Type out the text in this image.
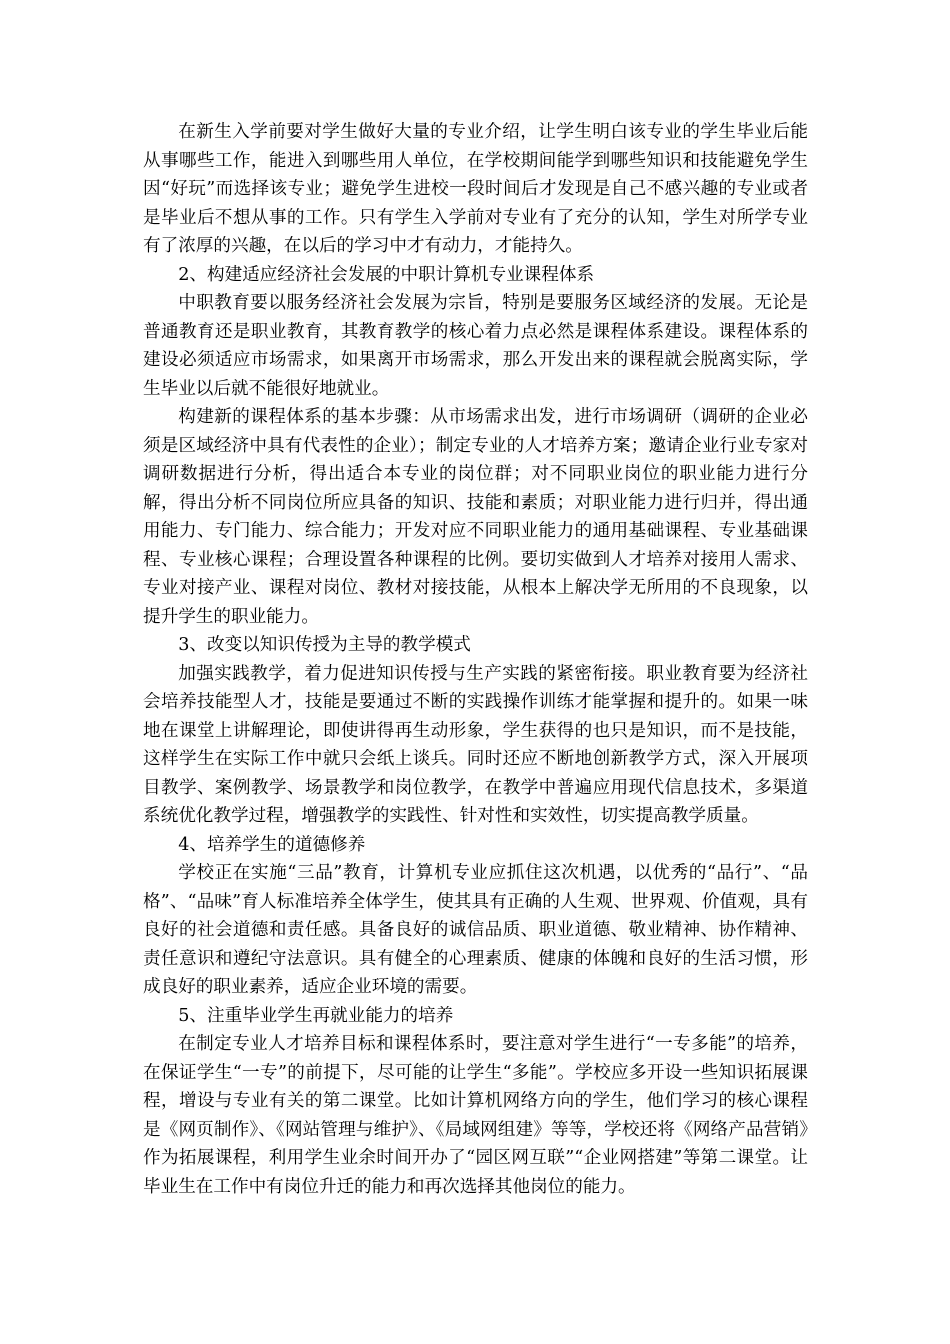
在新生入学前要对学生做好大量的专业介绍，让学生明白该专业的学生毕业后能从事哪些工作，能进入到哪些用人单位，在学校期间能学到哪些知识和技能避免学生因“好玩”而选择该专业；避免学生进校一段时间后才发现是自己不感兴趣的专业或者是毕业后不想从事的工作。只有学生入学前对专业有了充分的认知，学生对所学专业有了浓厚的兴趣，在以后的学习中才有动力，才能持久。

2、构建适应经济社会发展的中职计算机专业课程体系

中职教育要以服务经济社会发展为宗旨，特别是要服务区域经济的发展。无论是普通教育还是职业教育，其教育教学的核心着力点必然是课程体系建设。课程体系的建设必须适应市场需求，如果离开市场需求，那么开发出来的课程就会脱离实际，学生毕业以后就不能很好地就业。

构建新的课程体系的基本步骤：从市场需求出发，进行市场调研（调研的企业必须是区域经济中具有代表性的企业）；制定专业的人才培养方案；邀请企业行业专家对调研数据进行分析，得出适合本专业的岗位群；对不同职业岗位的职业能力进行分解，得出分析不同岗位所应具备的知识、技能和素质；对职业能力进行归并，得出通用能力、专门能力、综合能力；开发对应不同职业能力的通用基础课程、专业基础课程、专业核心课程；合理设置各种课程的比例。要切实做到人才培养对接用人需求、专业对接产业、课程对岗位、教材对接技能，从根本上解决学无所用的不良现象，以提升学生的职业能力。

3、改变以知识传授为主导的教学模式

加强实践教学，着力促进知识传授与生产实践的紧密衔接。职业教育要为经济社会培养技能型人才，技能是要通过不断的实践操作训练才能掌握和提升的。如果一味地在课堂上讲解理论，即使讲得再生动形象，学生获得的也只是知识，而不是技能，这样学生在实际工作中就只会纸上谈兵。同时还应不断地创新教学方式，深入开展项目教学、案例教学、场景教学和岗位教学，在教学中普遍应用现代信息技术，多渠道系统优化教学过程，增强教学的实践性、针对性和实效性，切实提高教学质量。

4、培养学生的道德修养

学校正在实施“三品”教育，计算机专业应抓住这次机遇，以优秀的“品行”、“品格”、“品味”育人标准培养全体学生，使其具有正确的人生观、世界观、价值观，具有良好的社会道德和责任感。具备良好的诚信品质、职业道德、敬业精神、协作精神、责任意识和遵纪守法意识。具有健全的心理素质、健康的体魄和良好的生活习惯，形成良好的职业素养，适应企业环境的需要。

5、注重毕业学生再就业能力的培养

在制定专业人才培养目标和课程体系时，要注意对学生进行“一专多能”的培养，在保证学生“一专”的前提下，尽可能的让学生“多能”。学校应多开设一些知识拓展课程，增设与专业有关的第二课堂。比如计算机网络方向的学生，他们学习的核心课程是《网页制作》、《网站管理与维护》、《局域网组建》等等，学校还将《网络产品营销》作为拓展课程，利用学生业余时间开办了“园区网互联”“企业网搭建”等第二课堂。让毕业生在工作中有岗位升迁的能力和再次选择其他岗位的能力。
